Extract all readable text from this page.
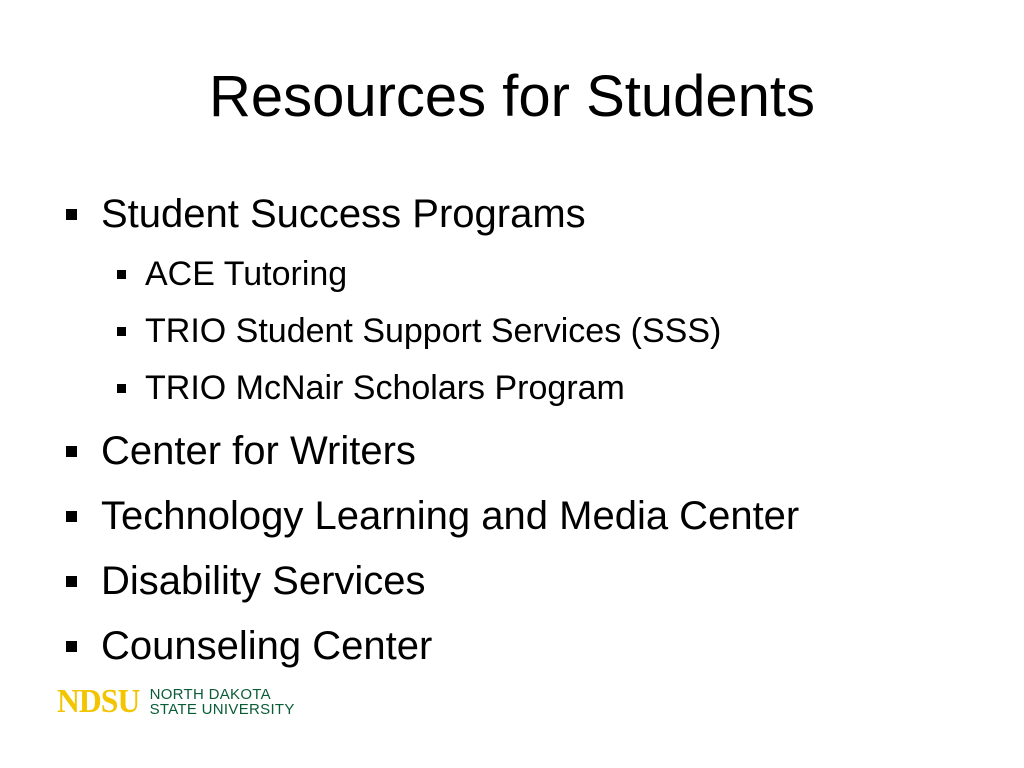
Resources for Students
Student Success Programs
ACE Tutoring
TRIO Student Support Services (SSS)
TRIO McNair Scholars Program
Center for Writers
Technology Learning and Media Center
Disability Services
Counseling Center
NDSU NORTH DAKOTA
STATE UNIVERSITY
